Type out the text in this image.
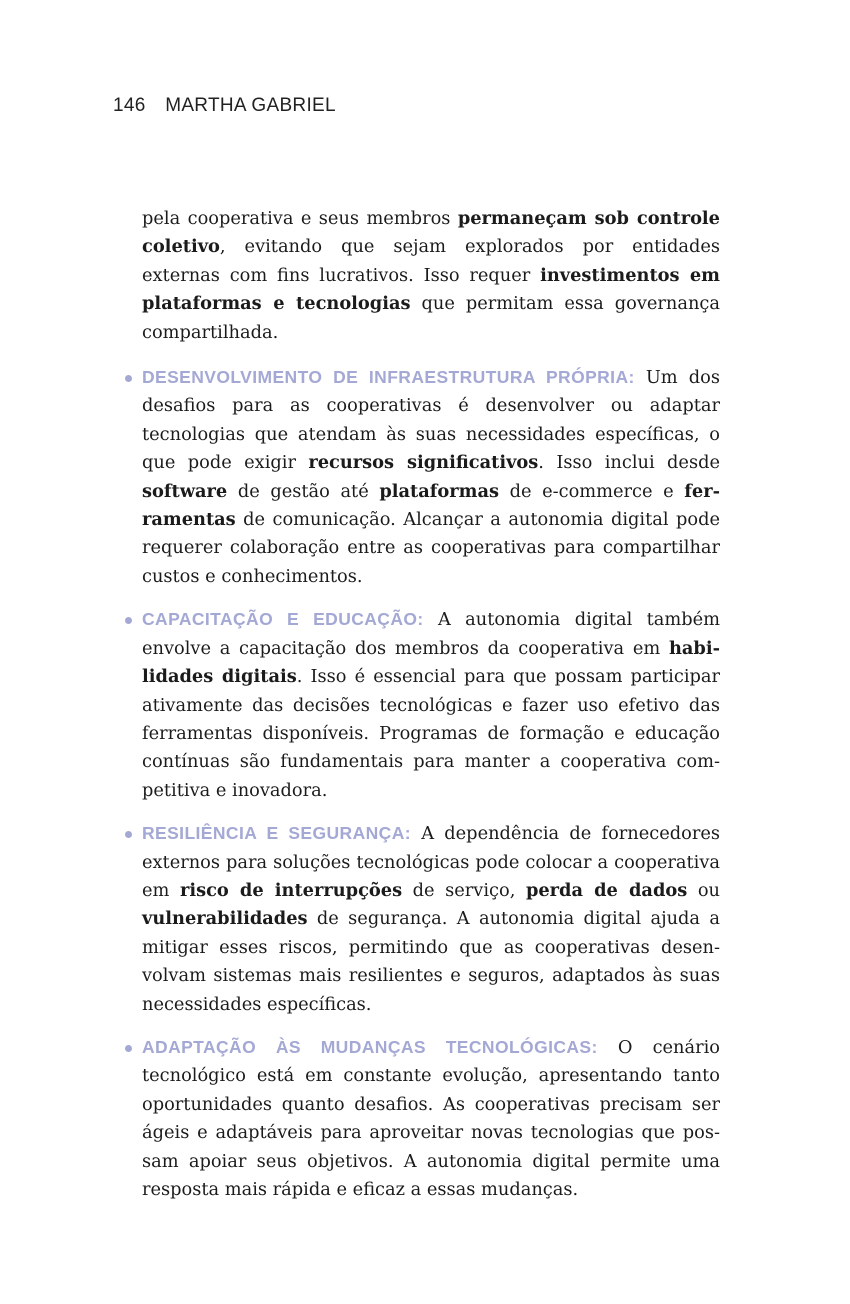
146 MARTHA GABRIEL

pela cooperativa e seus membros permaneçam sob controle coletivo, evitando que sejam explorados por entidades externas com fins lucrativos. Isso requer investimentos em plataformas e tecnologias que permitam essa governança compartilhada.

DESENVOLVIMENTO DE INFRAESTRUTURA PRÓPRIA: Um dos desafios para as cooperativas é desenvolver ou adaptar tecnologias que atendam às suas necessidades específicas, o que pode exigir recursos significativos. Isso inclui desde software de gestão até plataformas de e-commerce e ferramentas de comunicação. Alcançar a autonomia digital pode requerer colaboração entre as cooperativas para compartilhar custos e conhecimentos.
CAPACITAÇÃO E EDUCAÇÃO: A autonomia digital também envolve a capacitação dos membros da cooperativa em habilidades digitais. Isso é essencial para que possam participar ativamente das decisões tecnológicas e fazer uso efetivo das ferramentas disponíveis. Programas de formação e educação contínuas são fundamentais para manter a cooperativa competitiva e inovadora.
RESILIÊNCIA E SEGURANÇA: A dependência de fornecedores externos para soluções tecnológicas pode colocar a cooperativa em risco de interrupções de serviço, perda de dados ou vulnerabilidades de segurança. A autonomia digital ajuda a mitigar esses riscos, permitindo que as cooperativas desenvolvam sistemas mais resilientes e seguros, adaptados às suas necessidades específicas.
ADAPTAÇÃO ÀS MUDANÇAS TECNOLÓGICAS: O cenário tecnológico está em constante evolução, apresentando tanto oportunidades quanto desafios. As cooperativas precisam ser ágeis e adaptáveis para aproveitar novas tecnologias que possam apoiar seus objetivos. A autonomia digital permite uma resposta mais rápida e eficaz a essas mudanças.
